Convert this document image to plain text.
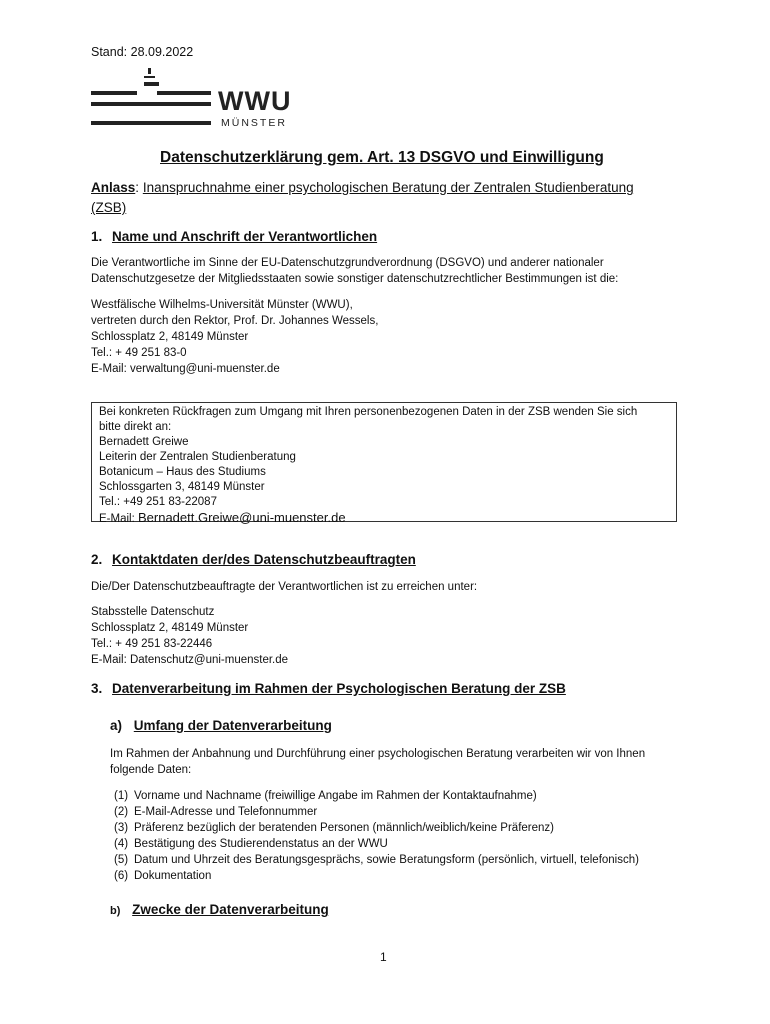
Stand: 28.09.2022
WWU
MÜNSTER
Datenschutzerklärung gem. Art. 13 DSGVO und Einwilligung
Anlass: Inanspruchnahme einer psychologischen Beratung der Zentralen Studienberatung
(ZSB)
1. Name und Anschrift der Verantwortlichen
Die Verantwortliche im Sinne der EU-Datenschutzgrundverordnung (DSGVO) und anderer nationaler
Datenschutzgesetze der Mitgliedsstaaten sowie sonstiger datenschutzrechtlicher Bestimmungen ist die:
Westfälische Wilhelms-Universität Münster (WWU),
vertreten durch den Rektor, Prof. Dr. Johannes Wessels,
Schlossplatz 2, 48149 Münster
Tel.: + 49 251 83-0
E-Mail: verwaltung@uni-muenster.de
Bei konkreten Rückfragen zum Umgang mit Ihren personenbezogenen Daten in der ZSB wenden Sie sich
bitte direkt an:
Bernadett Greiwe
Leiterin der Zentralen Studienberatung
Botanicum – Haus des Studiums
Schlossgarten 3, 48149 Münster
Tel.: +49 251 83-22087
E-Mail: Bernadett.Greiwe@uni-muenster.de
2. Kontaktdaten der/des Datenschutzbeauftragten
Die/Der Datenschutzbeauftragte der Verantwortlichen ist zu erreichen unter:
Stabsstelle Datenschutz
Schlossplatz 2, 48149 Münster
Tel.: + 49 251 83-22446
E-Mail: Datenschutz@uni-muenster.de
3. Datenverarbeitung im Rahmen der Psychologischen Beratung der ZSB
a) Umfang der Datenverarbeitung
Im Rahmen der Anbahnung und Durchführung einer psychologischen Beratung verarbeiten wir von Ihnen
folgende Daten:
(1) Vorname und Nachname (freiwillige Angabe im Rahmen der Kontaktaufnahme)
(2) E-Mail-Adresse und Telefonnummer
(3) Präferenz bezüglich der beratenden Personen (männlich/weiblich/keine Präferenz)
(4) Bestätigung des Studierendenstatus an der WWU
(5) Datum und Uhrzeit des Beratungsgesprächs, sowie Beratungsform (persönlich, virtuell, telefonisch)
(6) Dokumentation
b) Zwecke der Datenverarbeitung
1
